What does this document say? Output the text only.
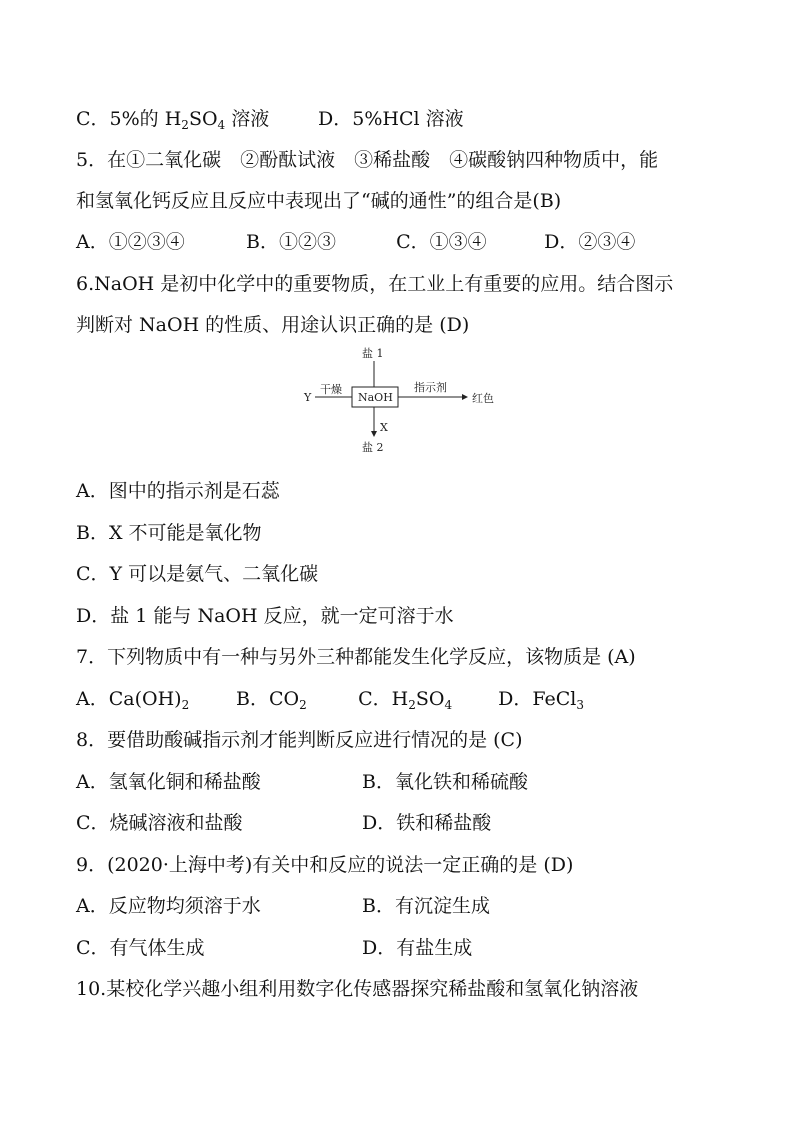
C．5%的 $H_2SO_4$ 溶液	D．5%HCl 溶液
5．在①二氧化碳　②酚酞试液　③稀盐酸　④碳酸钠四种物质中，能
和氢氧化钙反应且反应中表现出了“碱的通性”的组合是(B)
A．①②③④	B．①②③	C．①③④	D．②③④
6.NaOH 是初中化学中的重要物质，在工业上有重要的应用。结合图示
判断对 NaOH 的性质、用途认识正确的是 (D)
盐 1
NaOH
Y
干燥	指示剂
红色
X
盐 2
A．图中的指示剂是石蕊
B．X 不可能是氧化物
C．Y 可以是氨气、二氧化碳
D．盐 1 能与 NaOH 反应，就一定可溶于水
7．下列物质中有一种与另外三种都能发生化学反应，该物质是 (A)
A．$Ca(OH)_2$ B．$CO_2$	C．$H_2SO_4$ D．FeCl$_3$
8．要借助酸碱指示剂才能判断反应进行情况的是 (C)
A．氢氧化铜和稀盐酸	B．氧化铁和稀硫酸
C．烧碱溶液和盐酸	D．铁和稀盐酸
9．(2020·上海中考)有关中和反应的说法一定正确的是 (D)
A．反应物均须溶于水	B．有沉淀生成
C．有气体生成	D．有盐生成
10.某校化学兴趣小组利用数字化传感器探究稀盐酸和氢氧化钠溶液
